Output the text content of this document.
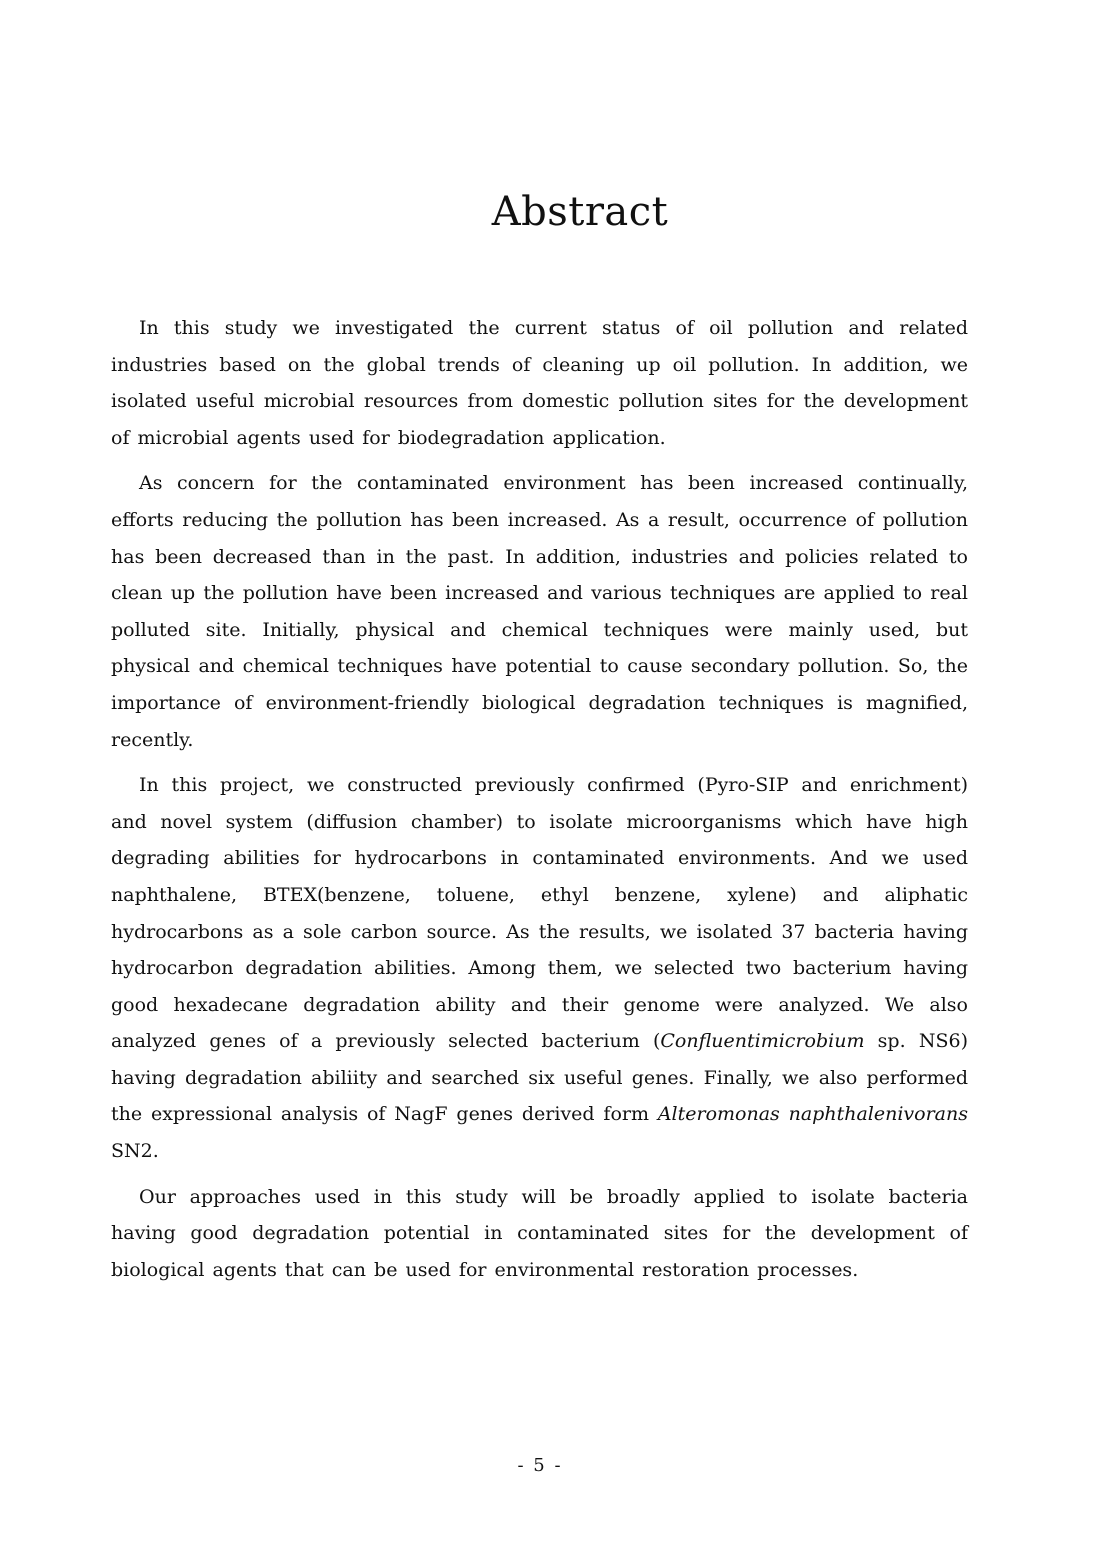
Abstract

In this study we investigated the current status of oil pollution and related industries based on the global trends of cleaning up oil pollution. In addition, we isolated useful microbial resources from domestic pollution sites for the development of microbial agents used for biodegradation application.

As concern for the contaminated environment has been increased continually, efforts reducing the pollution has been increased. As a result, occurrence of pollution has been decreased than in the past. In addition, industries and policies related to clean up the pollution have been increased and various techniques are applied to real polluted site. Initially, physical and chemical techniques were mainly used, but physical and chemical techniques have potential to cause secondary pollution. So, the importance of environment-friendly biological degradation techniques is magnified, recently.

In this project, we constructed previously confirmed (Pyro-SIP and enrichment) and novel system (diffusion chamber) to isolate microorganisms which have high degrading abilities for hydrocarbons in contaminated environments. And we used naphthalene, BTEX(benzene, toluene, ethyl benzene, xylene) and aliphatic hydrocarbons as a sole carbon source. As the results, we isolated 37 bacteria having hydrocarbon degradation abilities. Among them, we selected two bacterium having good hexadecane degradation ability and their genome were analyzed. We also analyzed genes of a previously selected bacterium (Confluentimicrobium sp. NS6) having degradation abiliity and searched six useful genes. Finally, we also performed the expressional analysis of NagF genes derived form Alteromonas naphthalenivorans SN2.

Our approaches used in this study will be broadly applied to isolate bacteria having good degradation potential in contaminated sites for the development of biological agents that can be used for environmental restoration processes.

- 5 -
